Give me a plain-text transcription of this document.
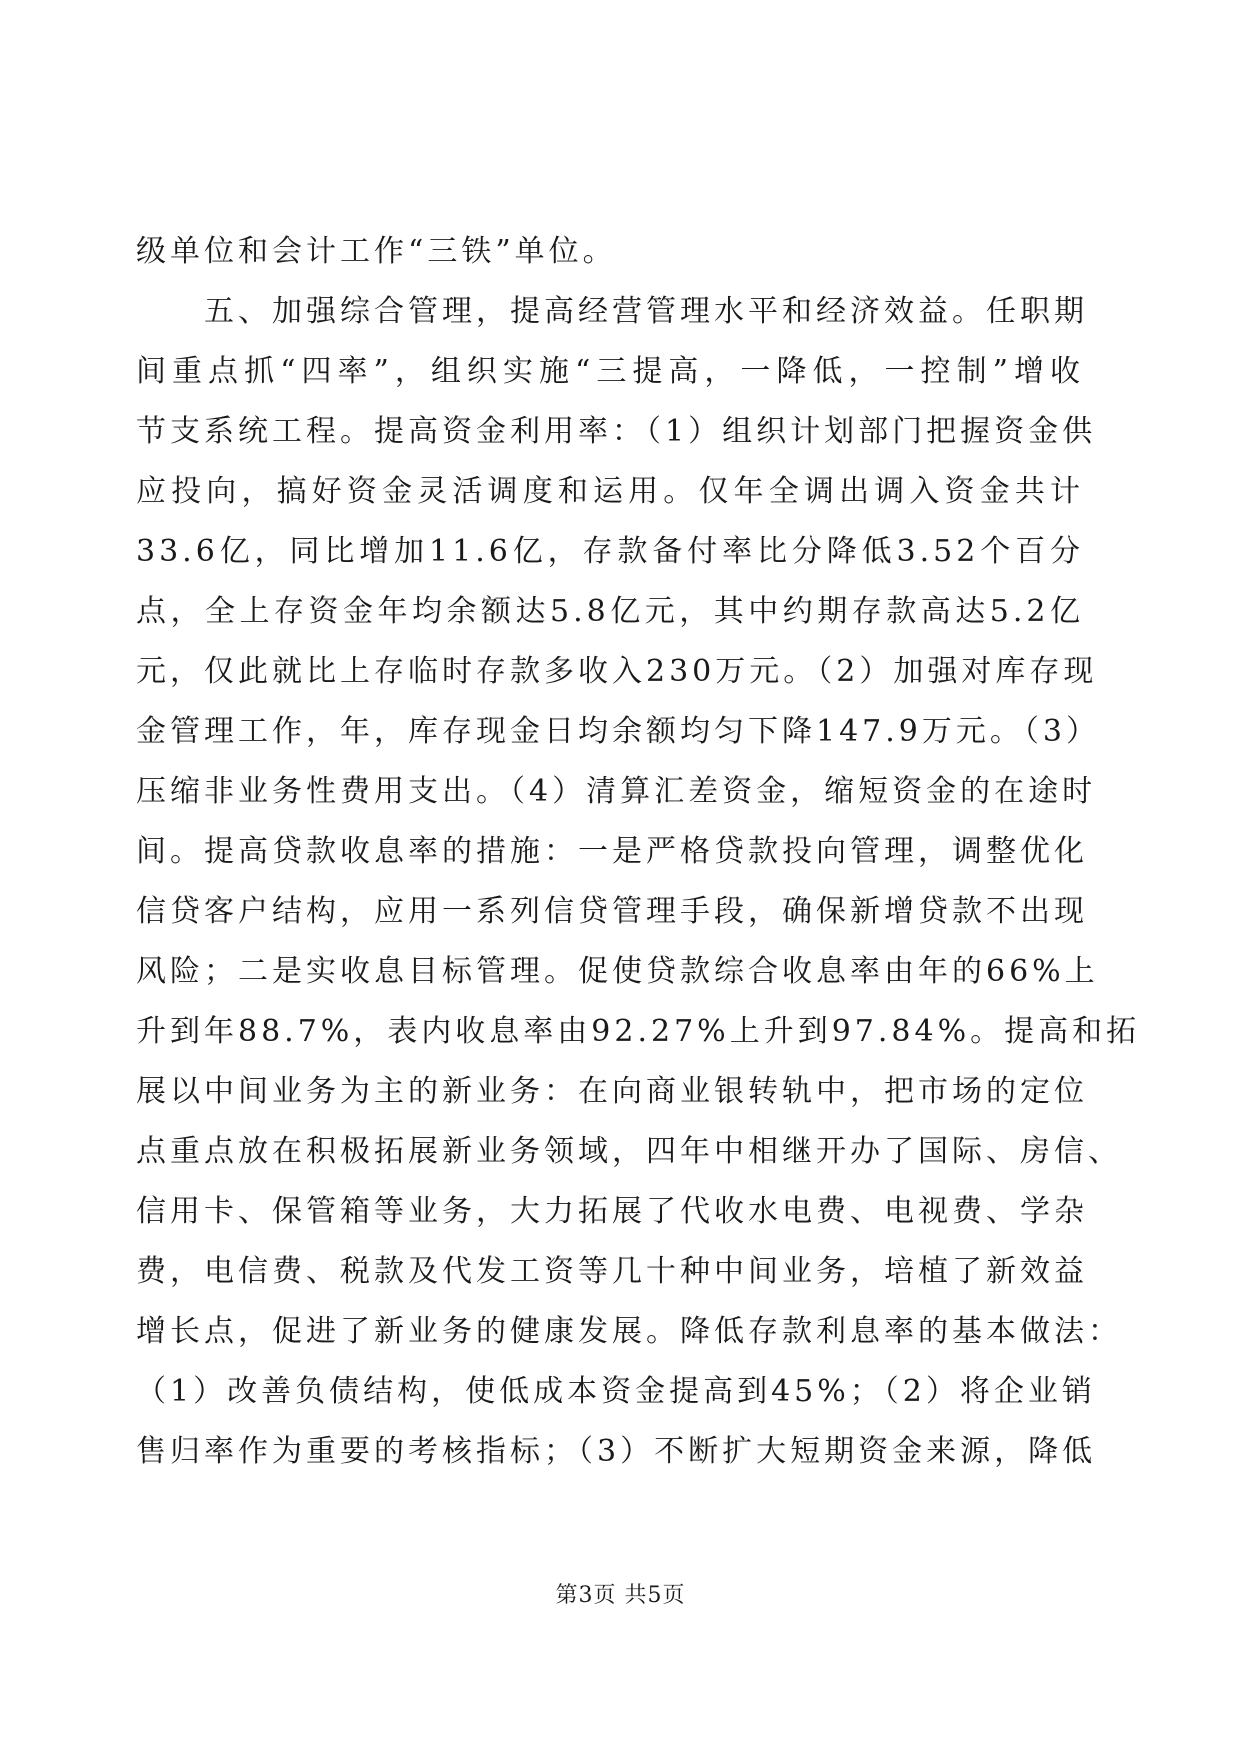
级单位和会计工作“三铁”单位。
五、加强综合管理，提高经营管理水平和经济效益。任职期
间重点抓“四率”，组织实施“三提高，一降低，一控制”增收
节支系统工程。提高资金利用率：（1）组织计划部门把握资金供
应投向，搞好资金灵活调度和运用。仅年全调出调入资金共计
33.6亿，同比增加11.6亿，存款备付率比分降低3.52个百分
点，全上存资金年均余额达5.8亿元，其中约期存款高达5.2亿
元，仅此就比上存临时存款多收入230万元。（2）加强对库存现
金管理工作，年，库存现金日均余额均匀下降147.9万元。（3）
压缩非业务性费用支出。（4）清算汇差资金，缩短资金的在途时
间。提高贷款收息率的措施：一是严格贷款投向管理，调整优化
信贷客户结构，应用一系列信贷管理手段，确保新增贷款不出现
风险；二是实收息目标管理。促使贷款综合收息率由年的66%上
升到年88.7%，表内收息率由92.27%上升到97.84%。提高和拓
展以中间业务为主的新业务：在向商业银转轨中，把市场的定位
点重点放在积极拓展新业务领域，四年中相继开办了国际、房信、
信用卡、保管箱等业务，大力拓展了代收水电费、电视费、学杂
费，电信费、税款及代发工资等几十种中间业务，培植了新效益
增长点，促进了新业务的健康发展。降低存款利息率的基本做法：
（1）改善负债结构，使低成本资金提高到45%；（2）将企业销
售归率作为重要的考核指标；（3）不断扩大短期资金来源，降低
第3页 共5页
